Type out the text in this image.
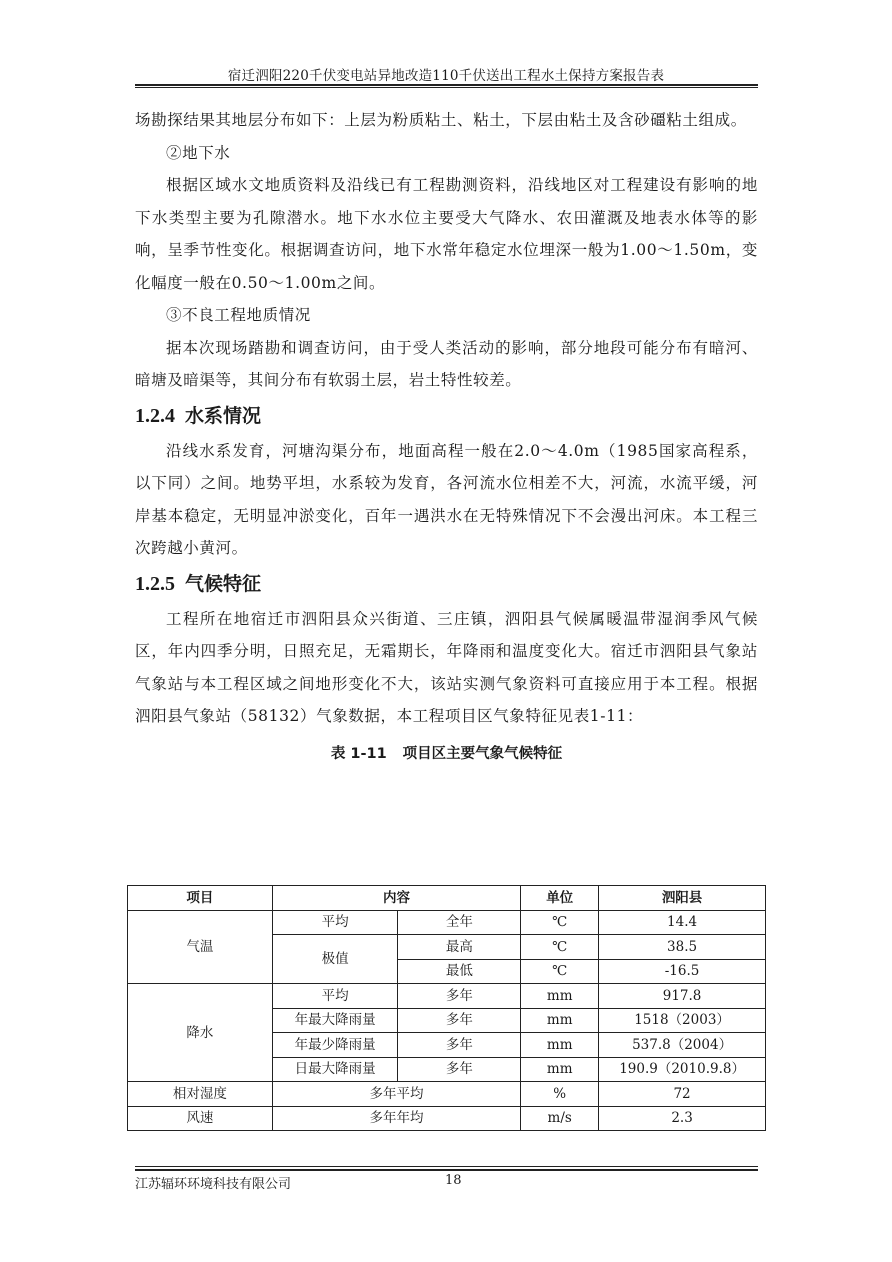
宿迁泗阳220千伏变电站异地改造110千伏送出工程水土保持方案报告表

场勘探结果其地层分布如下：上层为粉质粘土、粘土，下层由粘土及含砂礓粘土组成。

②地下水

根据区域水文地质资料及沿线已有工程勘测资料，沿线地区对工程建设有影响的地下水类型主要为孔隙潜水。地下水水位主要受大气降水、农田灌溉及地表水体等的影响，呈季节性变化。根据调查访问，地下水常年稳定水位埋深一般为1.00～1.50m，变化幅度一般在0.50～1.00m之间。

③不良工程地质情况

据本次现场踏勘和调查访问，由于受人类活动的影响，部分地段可能分布有暗河、暗塘及暗渠等，其间分布有软弱土层，岩土特性较差。

1.2.4 水系情况

沿线水系发育，河塘沟渠分布，地面高程一般在2.0～4.0m（1985国家高程系，以下同）之间。地势平坦，水系较为发育，各河流水位相差不大，河流，水流平缓，河岸基本稳定，无明显冲淤变化，百年一遇洪水在无特殊情况下不会漫出河床。本工程三次跨越小黄河。

1.2.5 气候特征

工程所在地宿迁市泗阳县众兴街道、三庄镇，泗阳县气候属暖温带湿润季风气候区，年内四季分明，日照充足，无霜期长，年降雨和温度变化大。宿迁市泗阳县气象站气象站与本工程区域之间地形变化不大，该站实测气象资料可直接应用于本工程。根据泗阳县气象站（58132）气象数据，本工程项目区气象特征见表1-11：

表 1-11 项目区主要气象气候特征
项目	内容		单位	泗阳县
气温	平均	全年	℃	14.4
	极值	最高	℃	38.5
		最低	℃	-16.5
降水	平均	多年	mm	917.8
	年最大降雨量	多年	mm	1518（2003）
	年最少降雨量	多年	mm	537.8（2004）
	日最大降雨量	多年	mm	190.9（2010.9.8）
相对湿度	多年平均		%	72
风速	多年年均		m/s	2.3
江苏辐环环境科技有限公司	18
